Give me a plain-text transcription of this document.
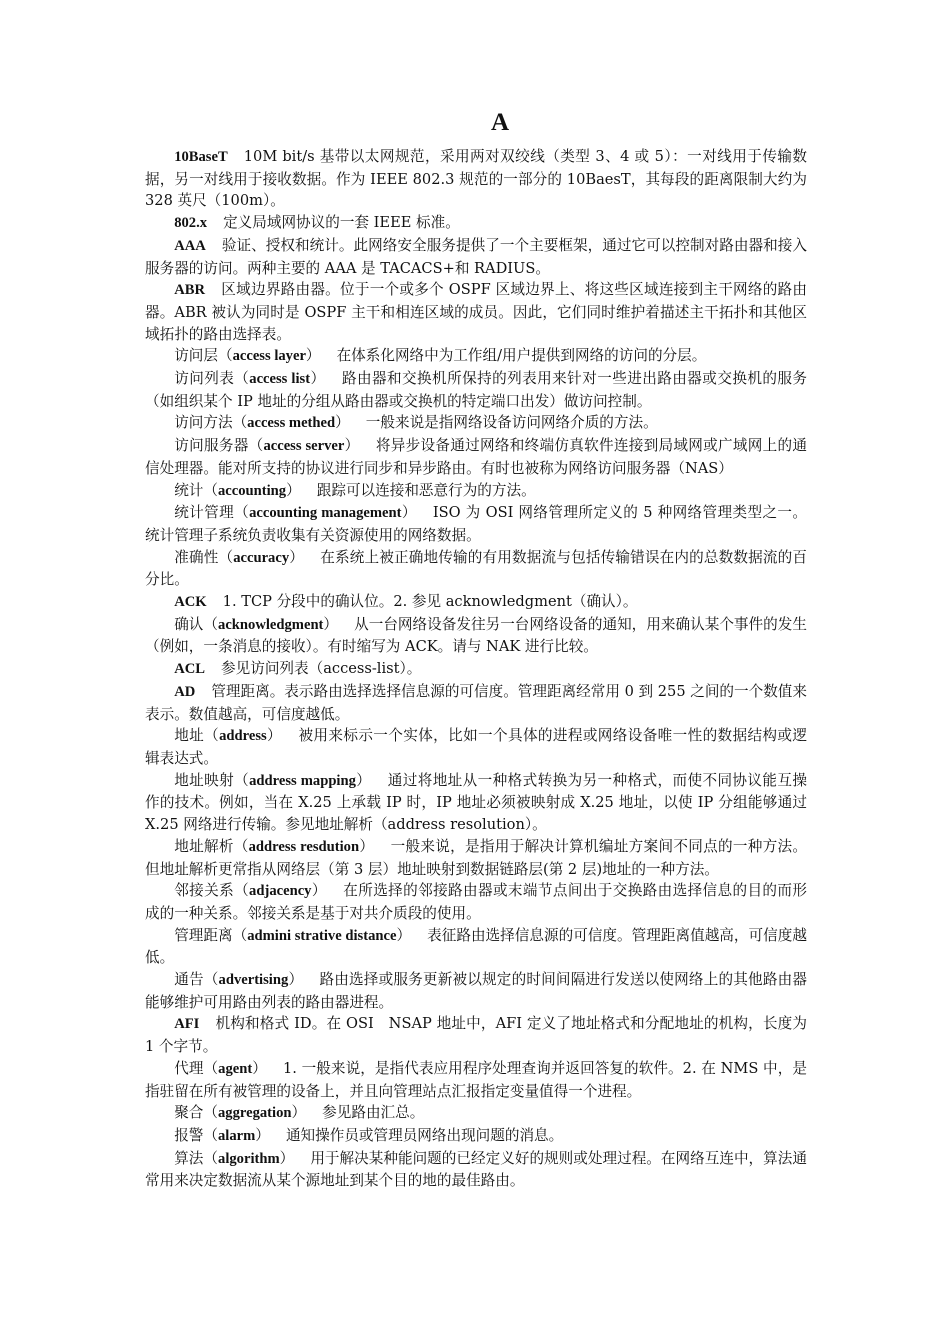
A

10BaseT 10M bit/s 基带以太网规范，采用两对双绞线（类型 3、4 或 5）：一对线用于传输数据，另一对线用于接收数据。作为 IEEE 802.3 规范的一部分的 10BaesT，其每段的距离限制大约为 328 英尺（100m）。

802.x 定义局域网协议的一套 IEEE 标准。

AAA 验证、授权和统计。此网络安全服务提供了一个主要框架，通过它可以控制对路由器和接入服务器的访问。两种主要的 AAA 是 TACACS+和 RADIUS。

ABR 区域边界路由器。位于一个或多个 OSPF 区域边界上、将这些区域连接到主干网络的路由器。ABR 被认为同时是 OSPF 主干和相连区域的成员。因此，它们同时维护着描述主干拓扑和其他区域拓扑的路由选择表。

访问层（access layer） 在体系化网络中为工作组/用户提供到网络的访问的分层。

访问列表（access list） 路由器和交换机所保持的列表用来针对一些进出路由器或交换机的服务（如组织某个 IP 地址的分组从路由器或交换机的特定端口出发）做访问控制。

访问方法（access methed） 一般来说是指网络设备访问网络介质的方法。

访问服务器（access server） 将异步设备通过网络和终端仿真软件连接到局域网或广域网上的通信处理器。能对所支持的协议进行同步和异步路由。有时也被称为网络访问服务器（NAS）

统计（accounting） 跟踪可以连接和恶意行为的方法。

统计管理（accounting management） ISO 为 OSI 网络管理所定义的 5 种网络管理类型之一。统计管理子系统负责收集有关资源使用的网络数据。

准确性（accuracy） 在系统上被正确地传输的有用数据流与包括传输错误在内的总数数据流的百分比。

ACK 1. TCP 分段中的确认位。2. 参见 acknowledgment（确认）。

确认（acknowledgment） 从一台网络设备发往另一台网络设备的通知，用来确认某个事件的发生（例如，一条消息的接收）。有时缩写为 ACK。请与 NAK 进行比较。

ACL 参见访问列表（access-list）。

AD 管理距离。表示路由选择选择信息源的可信度。管理距离经常用 0 到 255 之间的一个数值来表示。数值越高，可信度越低。

地址（address） 被用来标示一个实体，比如一个具体的进程或网络设备唯一性的数据结构或逻辑表达式。

地址映射（address mapping） 通过将地址从一种格式转换为另一种格式，而使不同协议能互操作的技术。例如，当在 X.25 上承载 IP 时，IP 地址必须被映射成 X.25 地址，以使 IP 分组能够通过 X.25 网络进行传输。参见地址解析（address resolution）。

地址解析（address resdution） 一般来说，是指用于解决计算机编址方案间不同点的一种方法。但地址解析更常指从网络层（第 3 层）地址映射到数据链路层(第 2 层)地址的一种方法。

邻接关系（adjacency） 在所选择的邻接路由器或末端节点间出于交换路由选择信息的目的而形成的一种关系。邻接关系是基于对共介质段的使用。

管理距离（admini strative distance） 表征路由选择信息源的可信度。管理距离值越高，可信度越低。

通告（advertising） 路由选择或服务更新被以规定的时间间隔进行发送以使网络上的其他路由器能够维护可用路由列表的路由器进程。

AFI 机构和格式 ID。在 OSI　NSAP 地址中，AFI 定义了地址格式和分配地址的机构，长度为 1 个字节。

代理（agent） 1. 一般来说，是指代表应用程序处理查询并返回答复的软件。2. 在 NMS 中，是指驻留在所有被管理的设备上，并且向管理站点汇报指定变量值得一个进程。

聚合（aggregation） 参见路由汇总。

报警（alarm） 通知操作员或管理员网络出现问题的消息。

算法（algorithm） 用于解决某种能问题的已经定义好的规则或处理过程。在网络互连中，算法通常用来决定数据流从某个源地址到某个目的地的最佳路由。
